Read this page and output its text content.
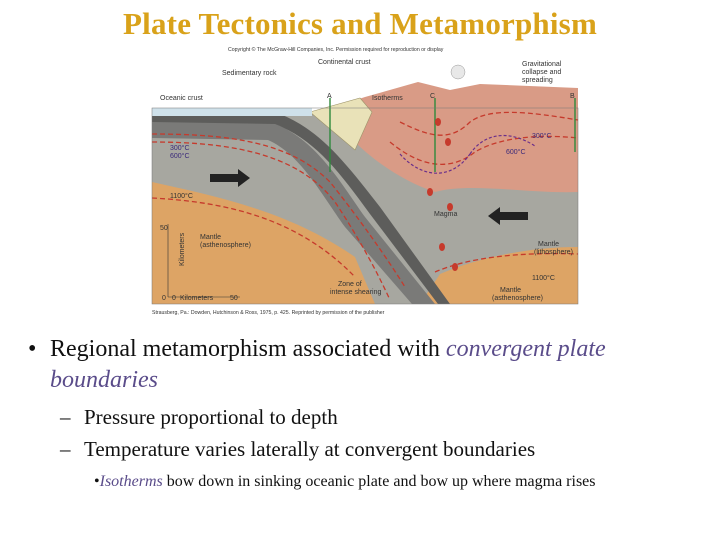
Plate Tectonics and Metamorphism
Copyright © The McGraw-Hill Companies, Inc. Permission required for reproduction or display
Continental crust
Sedimentary rock
Oceanic crust
Gravitational
collapse and
spreading
Isotherms
A	C	B
300°C
600°C
300°C
600°C
1100°C
1100°C
Magma
Mantle
(asthenosphere)	Mantle
(lithosphere)
Mantle
(asthenosphere)
Zone of
intense shearing
Kilometers
50
0 Kilometers
0	50
Strausberg, Pa.: Dowden, Hutchinson & Ross, 1975, p. 425. Reprinted by permission of the publisher
• Regional metamorphism associated with convergent plate boundaries
– Pressure proportional to depth
– Temperature varies laterally at convergent boundaries
•Isotherms bow down in sinking oceanic plate and bow up where magma rises
